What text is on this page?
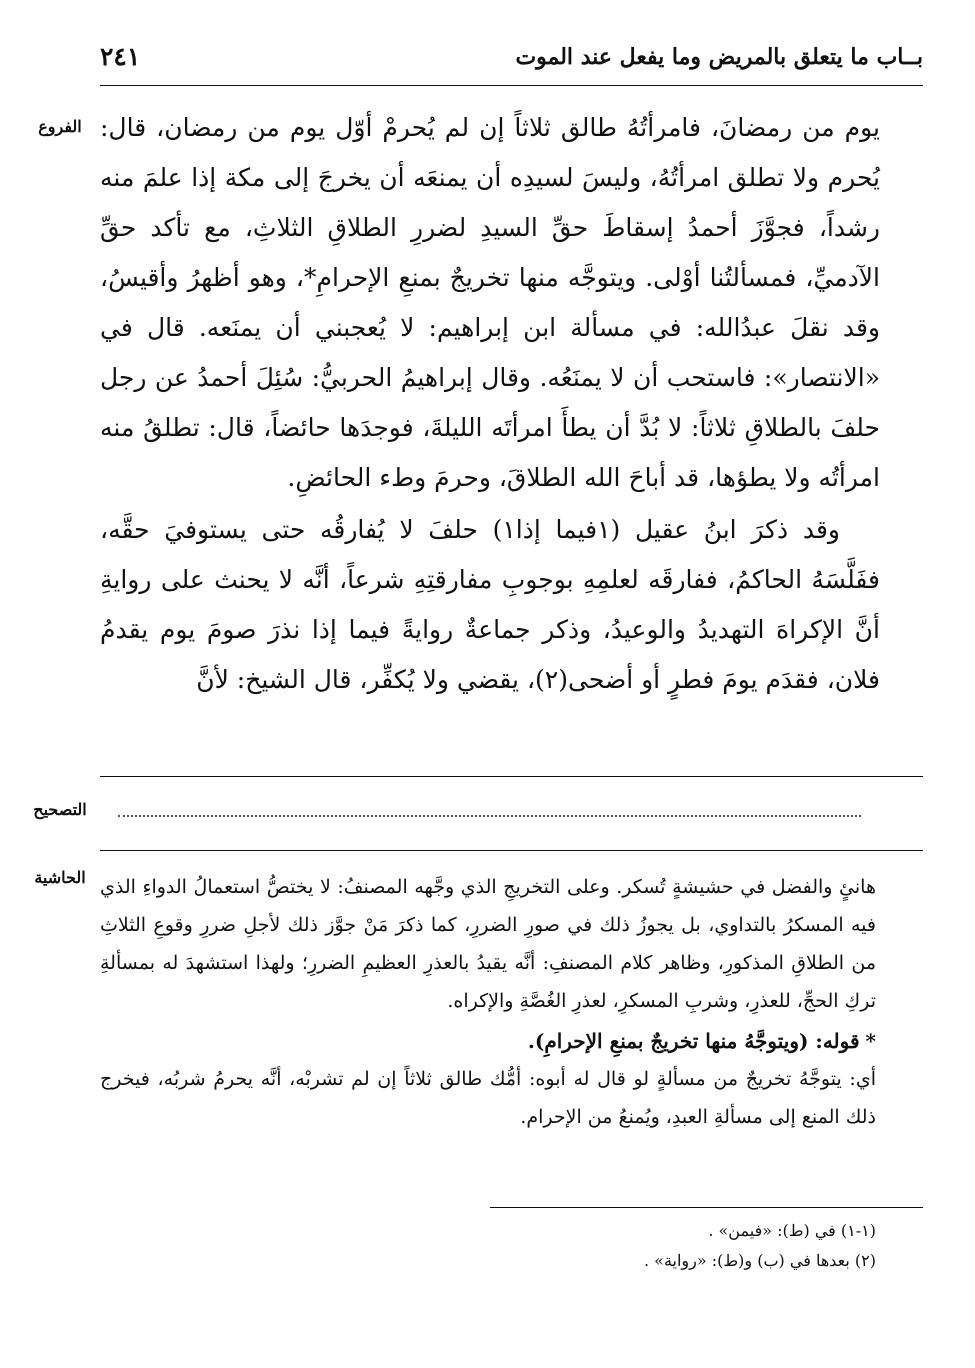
بــاب ما يتعلق بالمريض وما يفعل عند الموت
٢٤١
الفروع
التصحيح
الحاشية

يوم من رمضانَ، فامرأتُهُ طالق ثلاثاً إن لم يُحرمْ أوّل يوم من رمضان، قال: يُحرم ولا تطلق امرأتُهُ، وليسَ لسيدِه أن يمنعَه أن يخرجَ إلى مكة إذا علمَ منه رشداً، فجوَّزَ أحمدُ إسقاطَ حقِّ السيدِ لضررِ الطلاقِ الثلاثِ، مع تأكد حقِّ الآدميِّ، فمسألتُنا أوْلى. ويتوجَّه منها تخريجٌ بمنعِ الإحرامِ*، وهو أظهرُ وأقيسُ، وقد نقلَ عبدُالله: في مسألة ابن إبراهيم: لا يُعجبني أن يمنَعه. قال في «الانتصار»: فاستحب أن لا يمنَعُه. وقال إبراهيمُ الحربيُّ: سُئِلَ أحمدُ عن رجل حلفَ بالطلاقِ ثلاثاً: لا بُدَّ أن يطأَ امرأتَه الليلةَ، فوجدَها حائضاً، قال: تطلقُ منه امرأتُه ولا يطؤها، قد أباحَ الله الطلاقَ، وحرمَ وطء الحائضِ.

وقد ذكرَ ابنُ عقيل (١فيما إذا١) حلفَ لا يُفارقُه حتى يستوفيَ حقَّه، ففَلَّسَهُ الحاكمُ، ففارقَه لعلمِهِ بوجوبِ مفارقتِهِ شرعاً، أنَّه لا يحنث على روايةِ أنَّ الإكراهَ التهديدُ والوعيدُ، وذكر جماعةٌ روايةً فيما إذا نذرَ صومَ يوم يقدمُ فلان، فقدَم يومَ فطرٍ أو أضحى(٢)، يقضي ولا يُكفِّر، قال الشيخ: لأنَّ

هانئٍ والفضل في حشيشةٍ تُسكر. وعلى التخريجِ الذي وجَّهه المصنفُ: لا يختصُّ استعمالُ الدواءِ الذي فيه المسكرُ بالتداوي، بل يجوزُ ذلك في صورِ الضررِ، كما ذكرَ مَنْ جوَّز ذلك لأجلِ ضررِ وقوعِ الثلاثِ من الطلاقِ المذكورِ، وظاهر كلام المصنفِ: أنَّه يقيدُ بالعذرِ العظيمِ الضررِ؛ ولهذا استشهدَ له بمسألةِ تركِ الحجِّ، للعذرِ، وشربِ المسكرِ، لعذرِ الغُصَّةِ والإكراه.

*قوله: (ويتوجَّهُ منها تخريجٌ بمنعِ الإحرامِ).

أي: يتوجَّهُ تخريجٌ من مسألةٍ لو قال له أبوه: أمُّك طالق ثلاثاً إن لم تشربْه، أنَّه يحرمُ شربُه، فيخرج ذلك المنع إلى مسألةِ العبدِ، ويُمنعُ من الإحرام.

(١-١) في (ط): «فيمن» .

(٢) بعدها في (ب) و(ط): «رواية» .
